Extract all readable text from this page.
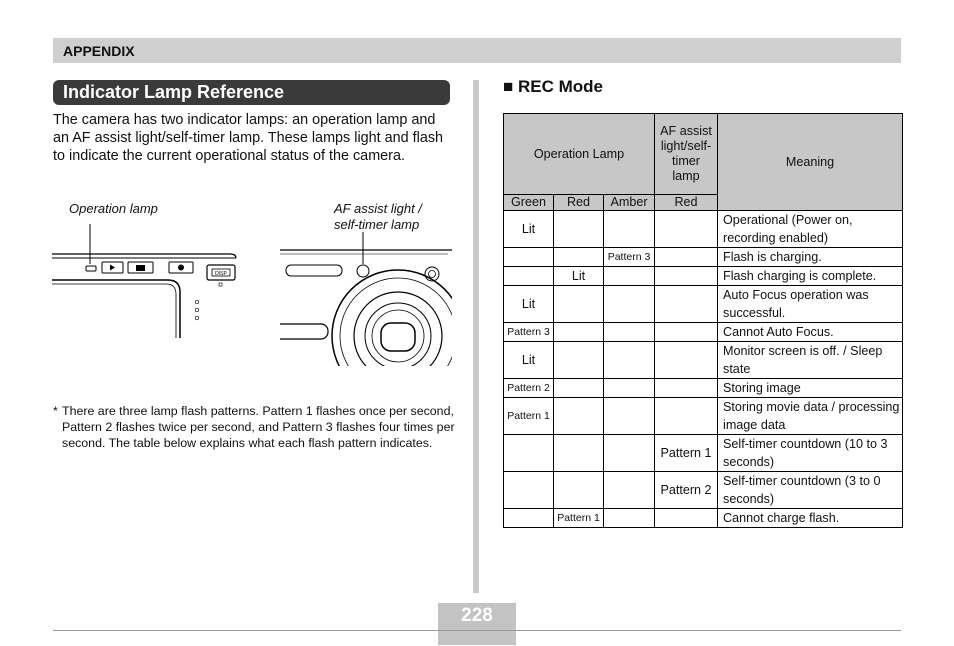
APPENDIX
Indicator Lamp Reference

The camera has two indicator lamps: an operation lamp and an AF assist light/self-timer lamp. These lamps light and flash to indicate the current operational status of the camera.

Operation lamp	AF assist light / self-timer lamp
DISP

* There are three lamp flash patterns. Pattern 1 flashes once per second, Pattern 2 flashes twice per second, and Pattern 3 flashes four times per second. The table below explains what each flash pattern indicates.

■ REC Mode
Operation Lamp			AF assist light/self-timer lamp	Meaning
Green	Red	Amber	Red	
Lit				Operational (Power on, recording enabled)
		Pattern 3		Flash is charging.
	Lit			Flash charging is complete.
Lit				Auto Focus operation was successful.
Pattern 3				Cannot Auto Focus.
Lit				Monitor screen is off. / Sleep state
Pattern 2				Storing image
Pattern 1				Storing movie data / processing image data
			Pattern 1	Self-timer countdown (10 to 3 seconds)
			Pattern 2	Self-timer countdown (3 to 0 seconds)
	Pattern 1			Cannot charge flash.
228
